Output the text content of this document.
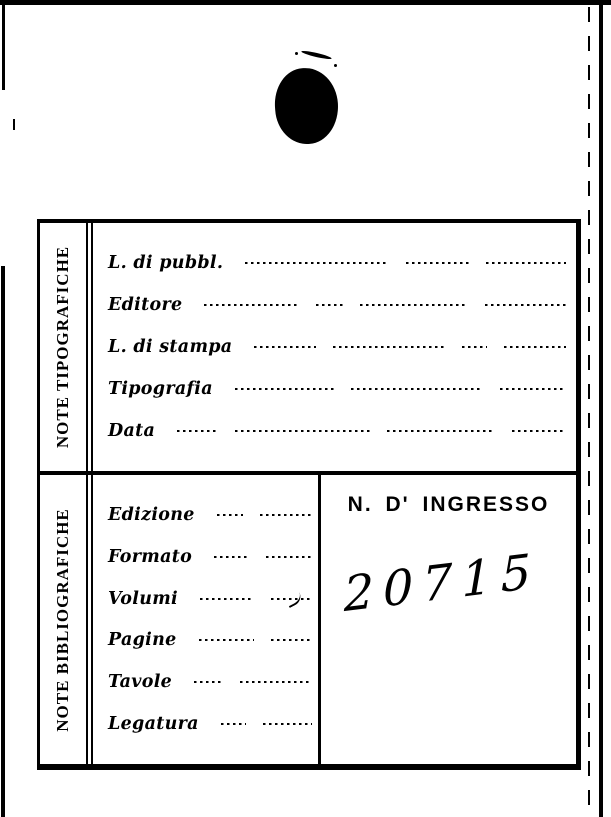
NOTE TIPOGRAFICHE L. di pubbl.
Editore
L. di stampa
Tipografia
Data
NOTE BIBLIOGRAFICHE Edizione
Formato
Volumi
Pagine
Tavole
Legatura
N. D' INGRESSO
20715
